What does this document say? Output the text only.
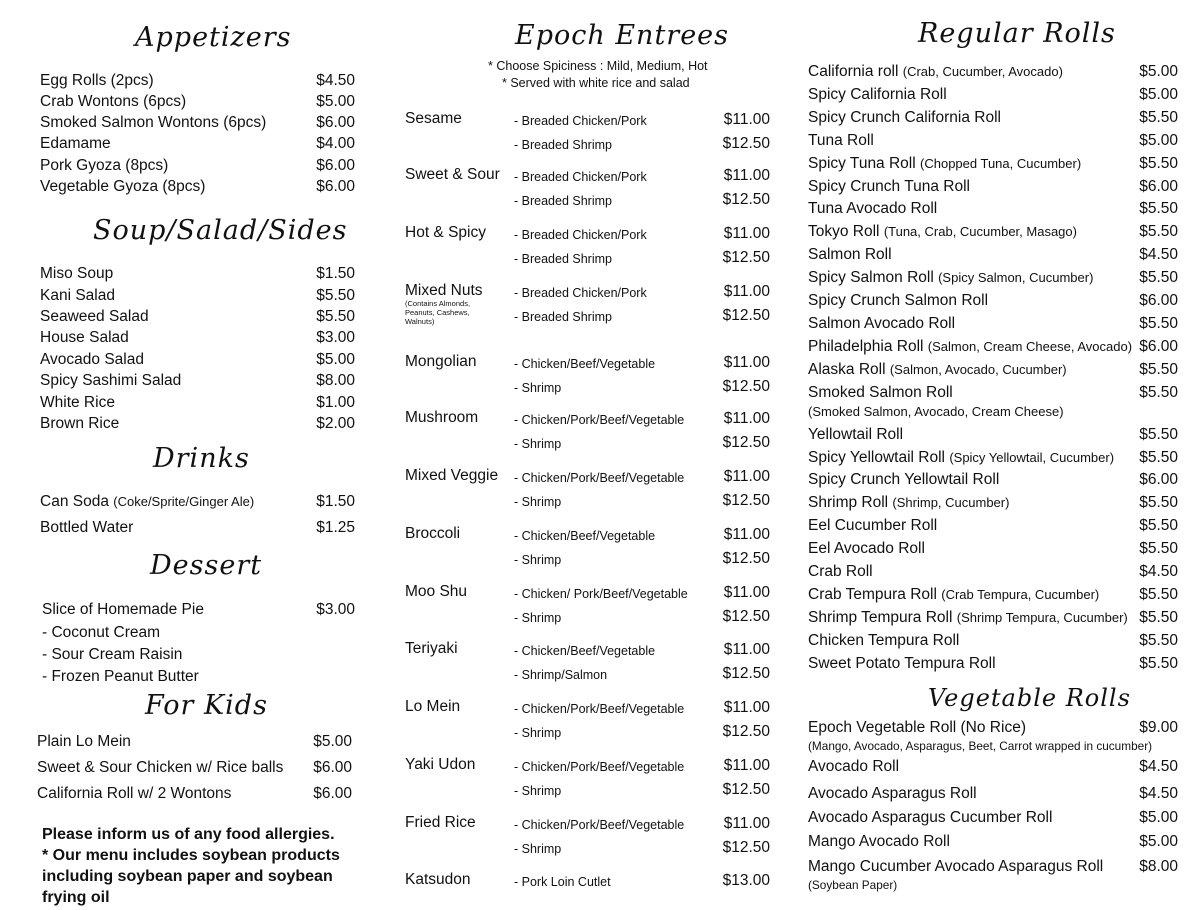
Appetizers
Egg Rolls (2pcs)	$4.50
Crab Wontons (6pcs)	$5.00
Smoked Salmon Wontons (6pcs)	$6.00
Edamame	$4.00
Pork Gyoza (8pcs)	$6.00
Vegetable Gyoza (8pcs)	$6.00
Soup/Salad/Sides
Miso Soup	$1.50
Kani Salad	$5.50
Seaweed Salad	$5.50
House Salad	$3.00
Avocado Salad	$5.00
Spicy Sashimi Salad	$8.00
White Rice	$1.00
Brown Rice	$2.00
Drinks
Can Soda (Coke/Sprite/Ginger Ale)	$1.50
Bottled Water	$1.25
Dessert
Slice of Homemade Pie	$3.00
- Coconut Cream
- Sour Cream Raisin
- Frozen Peanut Butter
For Kids
Plain Lo Mein	$5.00
Sweet & Sour Chicken w/ Rice balls $6.00
California Roll w/ 2 Wontons	$6.00
Please inform us of any food allergies.
* Our menu includes soybean products including soybean paper and soybean frying oil
Epoch Entrees
* Choose Spiciness : Mild, Medium, Hot
* Served with white rice and salad
Sesame	- Breaded Chicken/Pork	$11.00
- Breaded Shrimp	$12.50
Sweet & Sour - Breaded Chicken/Pork	$11.00
- Breaded Shrimp	$12.50
Hot & Spicy - Breaded Chicken/Pork	$11.00
- Breaded Shrimp	$12.50
Mixed Nuts
(Contains Almonds, Peanuts, Cashews, Walnuts)
- Breaded Chicken/Pork	$11.00
- Breaded Shrimp	$12.50
Mongolian	- Chicken/Beef/Vegetable	$11.00
- Shrimp	$12.50
Mushroom	- Chicken/Pork/Beef/Vegetable	$11.00
- Shrimp	$12.50
Mixed Veggie - Chicken/Pork/Beef/Vegetable	$11.00
- Shrimp	$12.50
Broccoli	- Chicken/Beef/Vegetable	$11.00
- Shrimp	$12.50
Moo Shu	- Chicken/ Pork/Beef/Vegetable $11.00
- Shrimp	$12.50
Teriyaki	- Chicken/Beef/Vegetable	$11.00
- Shrimp/Salmon	$12.50
Lo Mein	- Chicken/Pork/Beef/Vegetable	$11.00
- Shrimp	$12.50
Yaki Udon	- Chicken/Pork/Beef/Vegetable	$11.00
- Shrimp	$12.50
Fried Rice	- Chicken/Pork/Beef/Vegetable	$11.00
- Shrimp	$12.50
Katsudon	- Pork Loin Cutlet	$13.00
Regular Rolls
California roll (Crab, Cucumber, Avocado)	$5.00
Spicy California Roll	$5.00
Spicy Crunch California Roll	$5.50
Tuna Roll	$5.00
Spicy Tuna Roll (Chopped Tuna, Cucumber)	$5.50
Spicy Crunch Tuna Roll	$6.00
Tuna Avocado Roll	$5.50
Tokyo Roll (Tuna, Crab, Cucumber, Masago)	$5.50
Salmon Roll	$4.50
Spicy Salmon Roll (Spicy Salmon, Cucumber)	$5.50
Spicy Crunch Salmon Roll	$6.00
Salmon Avocado Roll	$5.50
Philadelphia Roll (Salmon, Cream Cheese, Avocado) $6.00
Alaska Roll (Salmon, Avocado, Cucumber)	$5.50
Smoked Salmon Roll	$5.50
(Smoked Salmon, Avocado, Cream Cheese)
Yellowtail Roll	$5.50
Spicy Yellowtail Roll (Spicy Yellowtail, Cucumber) $5.50
Spicy Crunch Yellowtail Roll	$6.00
Shrimp Roll (Shrimp, Cucumber)	$5.50
Eel Cucumber Roll	$5.50
Eel Avocado Roll	$5.50
Crab Roll	$4.50
Crab Tempura Roll (Crab Tempura, Cucumber)	$5.50
Shrimp Tempura Roll (Shrimp Tempura, Cucumber) $5.50
Chicken Tempura Roll	$5.50
Sweet Potato Tempura Roll	$5.50
Vegetable Rolls
Epoch Vegetable Roll (No Rice)	$9.00
(Mango, Avocado, Asparagus, Beet, Carrot wrapped in cucumber)
Avocado Roll	$4.50
Avocado Asparagus Roll	$4.50
Avocado Asparagus Cucumber Roll	$5.00
Mango Avocado Roll	$5.00
Mango Cucumber Avocado Asparagus Roll $8.00
(Soybean Paper)
